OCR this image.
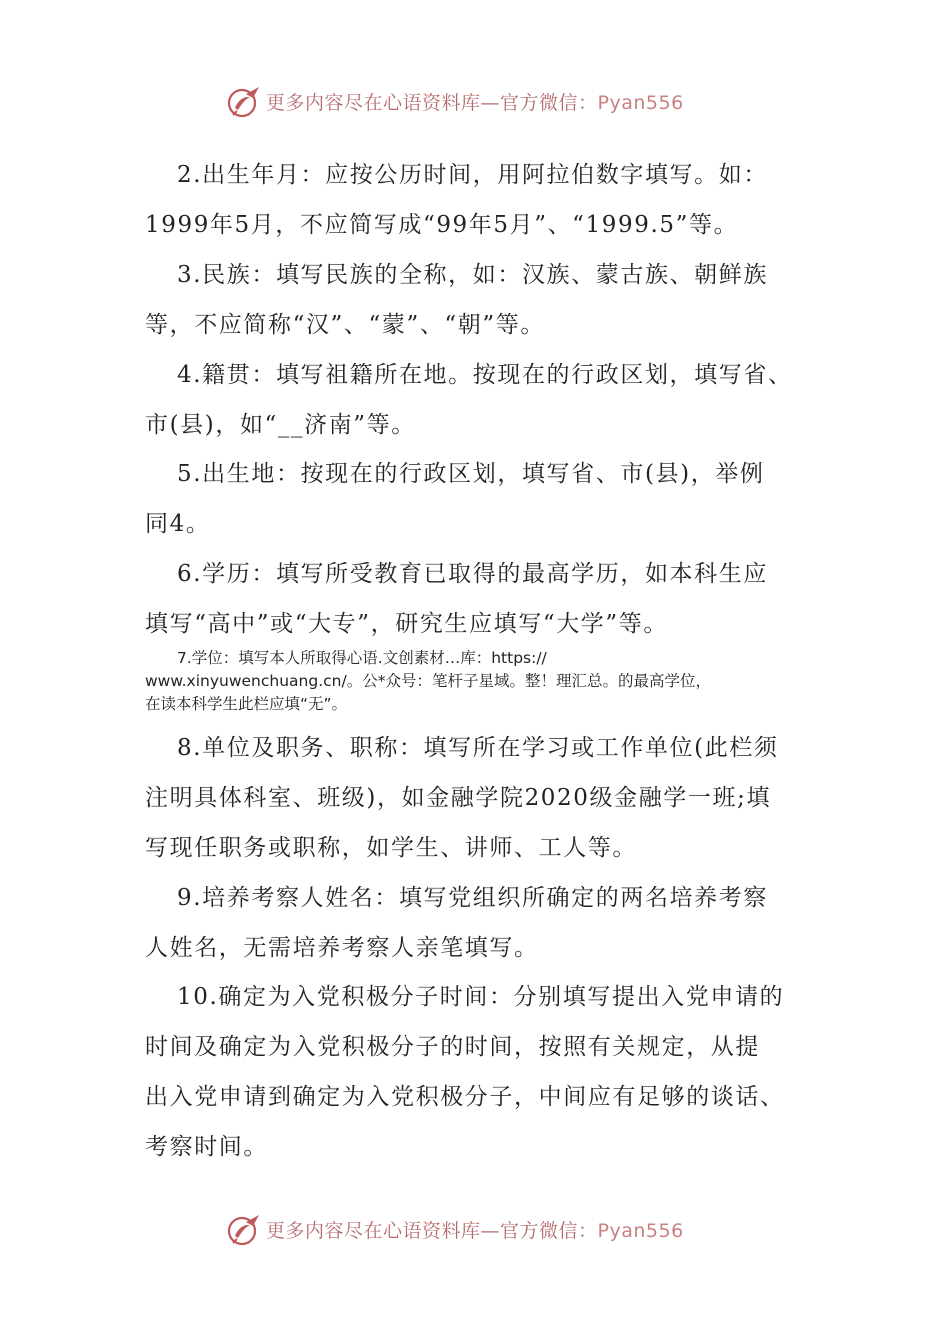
更多内容尽在心语资料库—官方微信：Pyan556
2.出生年月：应按公历时间，用阿拉伯数字填写。如：
1999年5月，不应简写成“99年5月”、“1999.5”等。
3.民族：填写民族的全称，如：汉族、蒙古族、朝鲜族
等，不应简称“汉”、“蒙”、“朝”等。
4.籍贯：填写祖籍所在地。按现在的行政区划，填写省、
市(县)，如“__济南”等。
5.出生地：按现在的行政区划，填写省、市(县)，举例
同4。
6.学历：填写所受教育已取得的最高学历，如本科生应
填写“高中”或“大专”，研究生应填写“大学”等。
7.学位：填写本人所取得心语.文创素材…库：https://
www.xinyuwenchuang.cn/。公*众号：笔杆子星域。整！理汇总。的最高学位，
在读本科学生此栏应填“无”。
8.单位及职务、职称：填写所在学习或工作单位(此栏须
注明具体科室、班级)，如金融学院2020级金融学一班;填
写现任职务或职称，如学生、讲师、工人等。
9.培养考察人姓名：填写党组织所确定的两名培养考察
人姓名，无需培养考察人亲笔填写。
10.确定为入党积极分子时间：分别填写提出入党申请的
时间及确定为入党积极分子的时间，按照有关规定，从提
出入党申请到确定为入党积极分子，中间应有足够的谈话、
考察时间。
更多内容尽在心语资料库—官方微信：Pyan556
